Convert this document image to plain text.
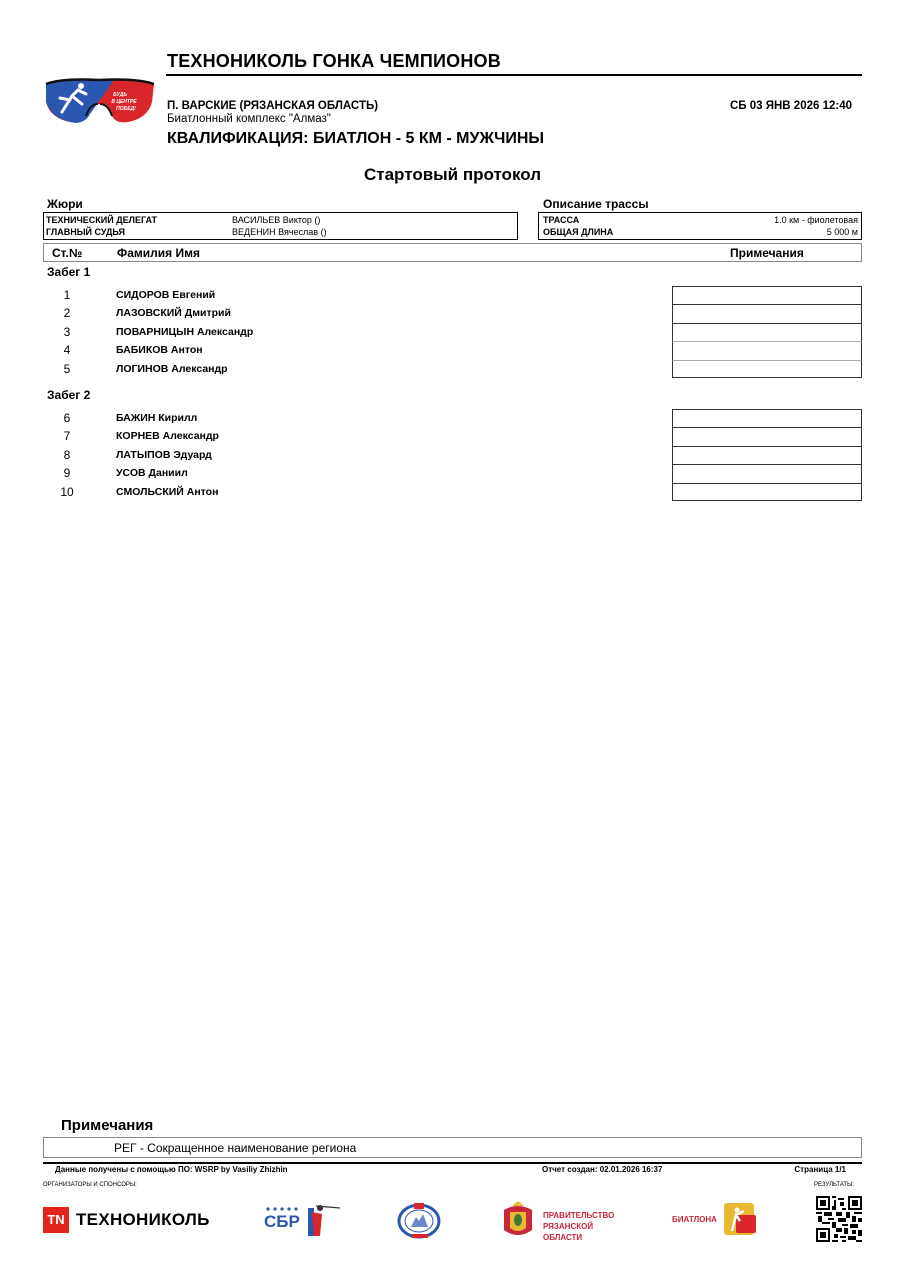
БУДЬ
В ЦЕНТРЕ
ПОБЕД!
ТЕХНОНИКОЛЬ ГОНКА ЧЕМПИОНОВ
П. ВАРСКИЕ (РЯЗАНСКАЯ ОБЛАСТЬ)
Биатлонный комплекс "Алмаз"
СБ 03 ЯНВ 2026 12:40
КВАЛИФИКАЦИЯ: БИАТЛОН - 5 КМ - МУЖЧИНЫ
Стартовый протокол
Жюри
ТЕХНИЧЕСКИЙ ДЕЛЕГАТ	ВАСИЛЬЕВ Виктор ()
ГЛАВНЫЙ СУДЬЯ	ВЕДЕНИН Вячеслав ()
Описание трассы
ТРАССА	1.0 км - фиолетовая
ОБЩАЯ ДЛИНА	5 000 м
Ст.№	Фамилия Имя	Примечания
Забег 1
1	СИДОРОВ Евгений
2	ЛАЗОВСКИЙ Дмитрий
3	ПОВАРНИЦЫН Александр
4	БАБИКОВ Антон
5	ЛОГИНОВ Александр
Забег 2
6	БАЖИН Кирилл
7	КОРНЕВ Александр
8	ЛАТЫПОВ Эдуард
9	УСОВ Даниил
10	СМОЛЬСКИЙ Антон
Примечания
РЕГ - Сокращенное наименование региона
Данные получены с помощью ПО: WSRP by Vasiliy Zhizhin	Отчет создан: 02.01.2026 16:37	Страница 1/1
ОРГАНИЗАТОРЫ И СПОНСОРЫ:	РЕЗУЛЬТАТЫ:
TN ТЕХНОНИКОЛЬ	СБР	ПРАВИТЕЛЬСТВО
РЯЗАНСКОЙ ОБЛАСТИ
БИАТЛОНА
